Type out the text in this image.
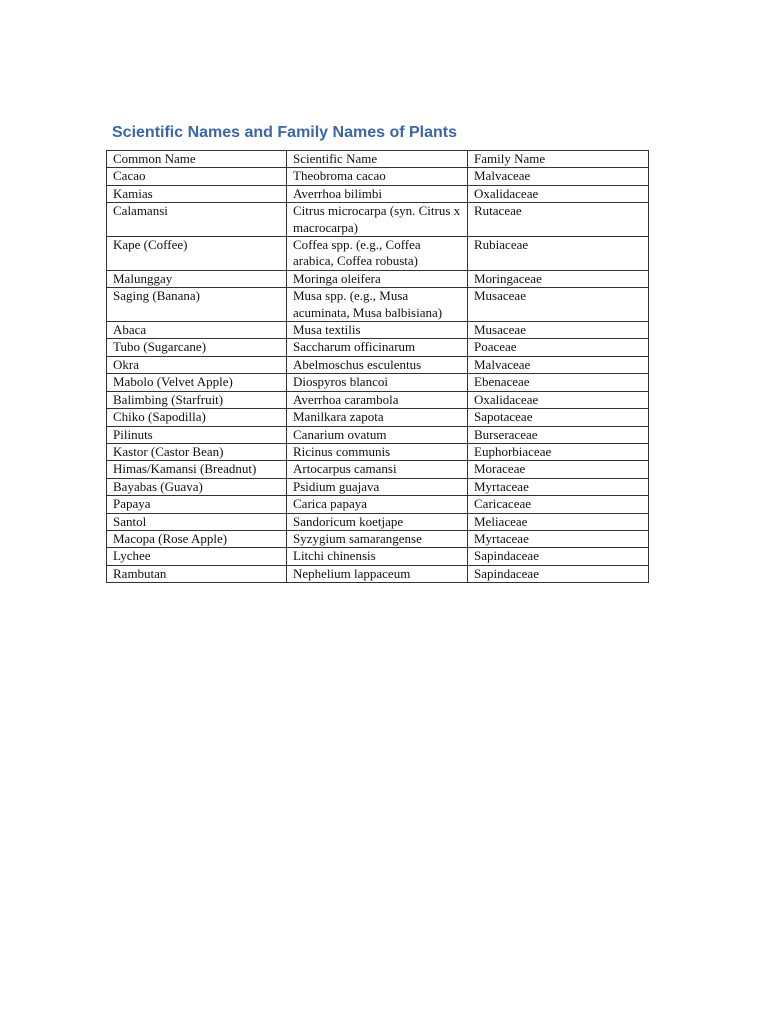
Scientific Names and Family Names of Plants
Common Name	Scientific Name	Family Name
Cacao	Theobroma cacao	Malvaceae
Kamias	Averrhoa bilimbi	Oxalidaceae
Calamansi	Citrus microcarpa (syn. Citrus x macrocarpa)	Rutaceae
Kape (Coffee)	Coffea spp. (e.g., Coffea arabica, Coffea robusta)	Rubiaceae
Malunggay	Moringa oleifera	Moringaceae
Saging (Banana)	Musa spp. (e.g., Musa acuminata, Musa balbisiana)	Musaceae
Abaca	Musa textilis	Musaceae
Tubo (Sugarcane)	Saccharum officinarum	Poaceae
Okra	Abelmoschus esculentus	Malvaceae
Mabolo (Velvet Apple)	Diospyros blancoi	Ebenaceae
Balimbing (Starfruit)	Averrhoa carambola	Oxalidaceae
Chiko (Sapodilla)	Manilkara zapota	Sapotaceae
Pilinuts	Canarium ovatum	Burseraceae
Kastor (Castor Bean)	Ricinus communis	Euphorbiaceae
Himas/Kamansi (Breadnut)	Artocarpus camansi	Moraceae
Bayabas (Guava)	Psidium guajava	Myrtaceae
Papaya	Carica papaya	Caricaceae
Santol	Sandoricum koetjape	Meliaceae
Macopa (Rose Apple)	Syzygium samarangense	Myrtaceae
Lychee	Litchi chinensis	Sapindaceae
Rambutan	Nephelium lappaceum	Sapindaceae
